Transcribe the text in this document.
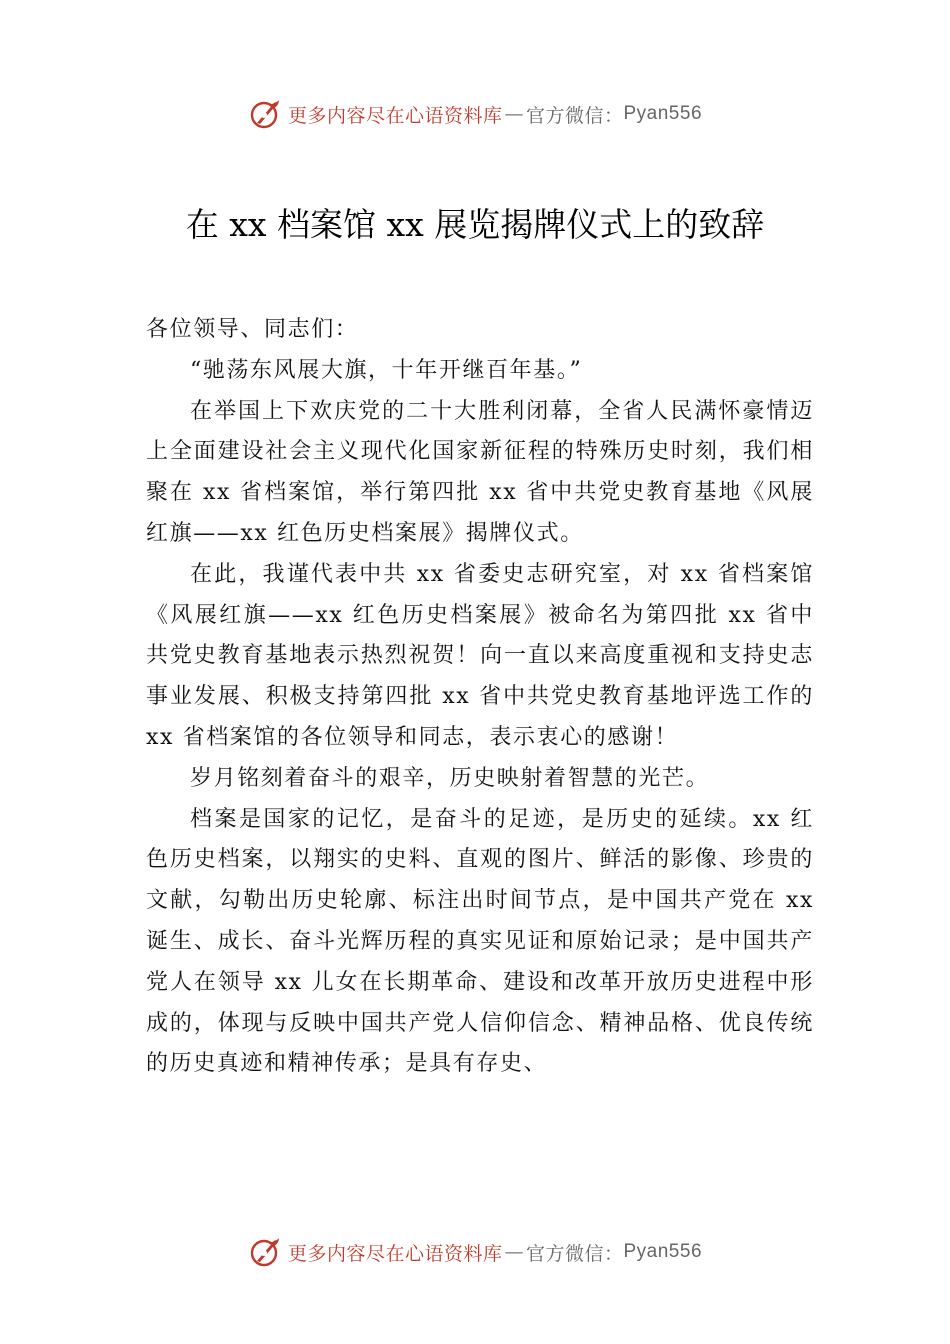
更多内容尽在心语资料库 — 官方微信： Pyan556
在 xx 档案馆 xx 展览揭牌仪式上的致辞

各位领导、同志们：

“驰荡东风展大旗，十年开继百年基。”

在举国上下欢庆党的二十大胜利闭幕，全省人民满怀豪情迈上全面建设社会主义现代化国家新征程的特殊历史时刻，我们相聚在 xx 省档案馆，举行第四批 xx 省中共党史教育基地《风展红旗——xx 红色历史档案展》揭牌仪式。

在此，我谨代表中共 xx 省委史志研究室，对 xx 省档案馆《风展红旗——xx 红色历史档案展》被命名为第四批 xx 省中共党史教育基地表示热烈祝贺！向一直以来高度重视和支持史志事业发展、积极支持第四批 xx 省中共党史教育基地评选工作的 xx 省档案馆的各位领导和同志，表示衷心的感谢！

岁月铭刻着奋斗的艰辛，历史映射着智慧的光芒。

档案是国家的记忆，是奋斗的足迹，是历史的延续。xx 红色历史档案，以翔实的史料、直观的图片、鲜活的影像、珍贵的文献，勾勒出历史轮廓、标注出时间节点，是中国共产党在 xx 诞生、成长、奋斗光辉历程的真实见证和原始记录；是中国共产党人在领导 xx 儿女在长期革命、建设和改革开放历史进程中形成的，体现与反映中国共产党人信仰信念、精神品格、优良传统的历史真迹和精神传承；是具有存史、

更多内容尽在心语资料库 — 官方微信： Pyan556
